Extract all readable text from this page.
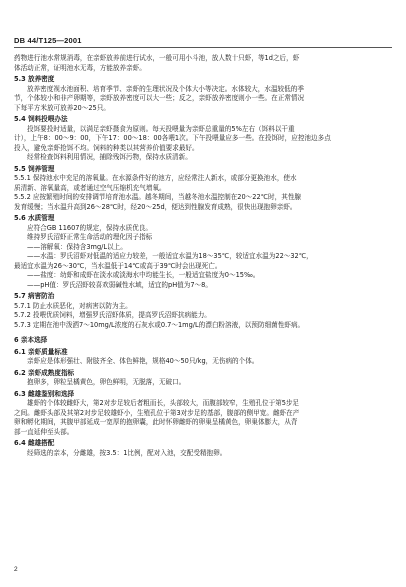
DB 44/T125—2001
药物进行池水常规消毒，在亲虾放养前进行试水，一般可用小斗池，放人数十只虾，等1d之后，虾
体活动正常，证明池水无毒，方能放养亲虾。
5.3 放养密度
放养密度视水池面积、培育季节、亲虾的生理状况及个体大小等决定。水体较大，水温较低的季
节，个体较小和非产卵期等，亲虾放养密度可以大一些；反之，亲虾放养密度则小一些。在正常情况
下每平方米放可放养20～25只。
5.4 饲料投喂办法
投饵要投时适量，以满足亲虾摄食为原则。每天投喂量为亲虾总重量的5%左右（饵料以干重
计），上午8：00～9：00，下午17：00～18：00各喂1次。下午投喂量应多一些。在投饵时，应控池边多点
投入，避免亲虾抢饵不均。饲料的种类以其营养价值要求最好。
经常检查饵料利用情况，捕除残饵污物，保持水质清新。
5.5 饲养管理
5.5.1 保持池水中充足的溶氧量。在水源条件好的池方，应经常注人新水，或部分更换池水，使水
质清新、溶氧量高，或者通过空气压缩机充气增氧。
5.5.2 应按繁殖时间的安排调节培育池水温。越冬期间，当越冬池水温控制在20～22℃时，其性腺
发育缓慢；当水温升高到26～28℃时，经20～25d，便达到性腺发育成熟，很快出现抱卵亲虾。
5.6 水质管理
应符合GB 11607的规定，保持水质优良。
维持罗氏沼虾正常生命活动的理化因子指标
——溶解氧：保持含3mg/L以上。
——水温：罗氏沼虾对低温的适应力较差，一般适宜水温为18～35℃，较适宜水温为22～32℃，
最适宜水温为26～30℃，当水温低于14℃或高于39℃时会出现死亡。
——盐度：幼虾和成虾在淡水或淡海水中均能生长，一般适宜盐度为0～15‰。
——pH值：罗氏沼虾较喜欢弱碱性水域，适宜的pH值为7～8。
5.7 病害防治
5.7.1 防止水质恶化，对病害以防为主。
5.7.2 投喂优质饲料，增强罗氏沼虾体质，提高罗氏沼虾抗病能力。
5.7.3 定期在池中泼洒7～10mg/L浓度的石灰水或0.7～1mg/L的漂白粉溶液，以预防细菌性虾病。
6 亲本选择
6.1 亲虾质量标准
亲虾应是体形强壮、附肢齐全、体色鲜艳，规格40～50只/kg，无伤病的个体。
6.2 亲虾成熟度指标
抱卵多，卵粒呈橘黄色，卵色鲜明，无脱落，无破口。
6.3 雌雄鉴别和选择
雄虾的个体较雌虾大，第2对步足较后者粗而长，头部较大，而腹部较窄，生殖孔位于第5步足
之间。雌虾头部及其第2对步足较雄虾小，生殖孔位于第3对步足的基部，腹部的侧甲宽。雌虾在产
卵和孵化期间，其腹甲部延成一宽厚的抱卵囊，此时怀卵雌虾的卵巢呈橘黄色，卵巢体膨大，从背
部一直延伸至头部。
6.4 雌雄搭配
经筛选的亲本，分雌雄，按3.5：1比例，配对入池，交配受精抱卵。
2
